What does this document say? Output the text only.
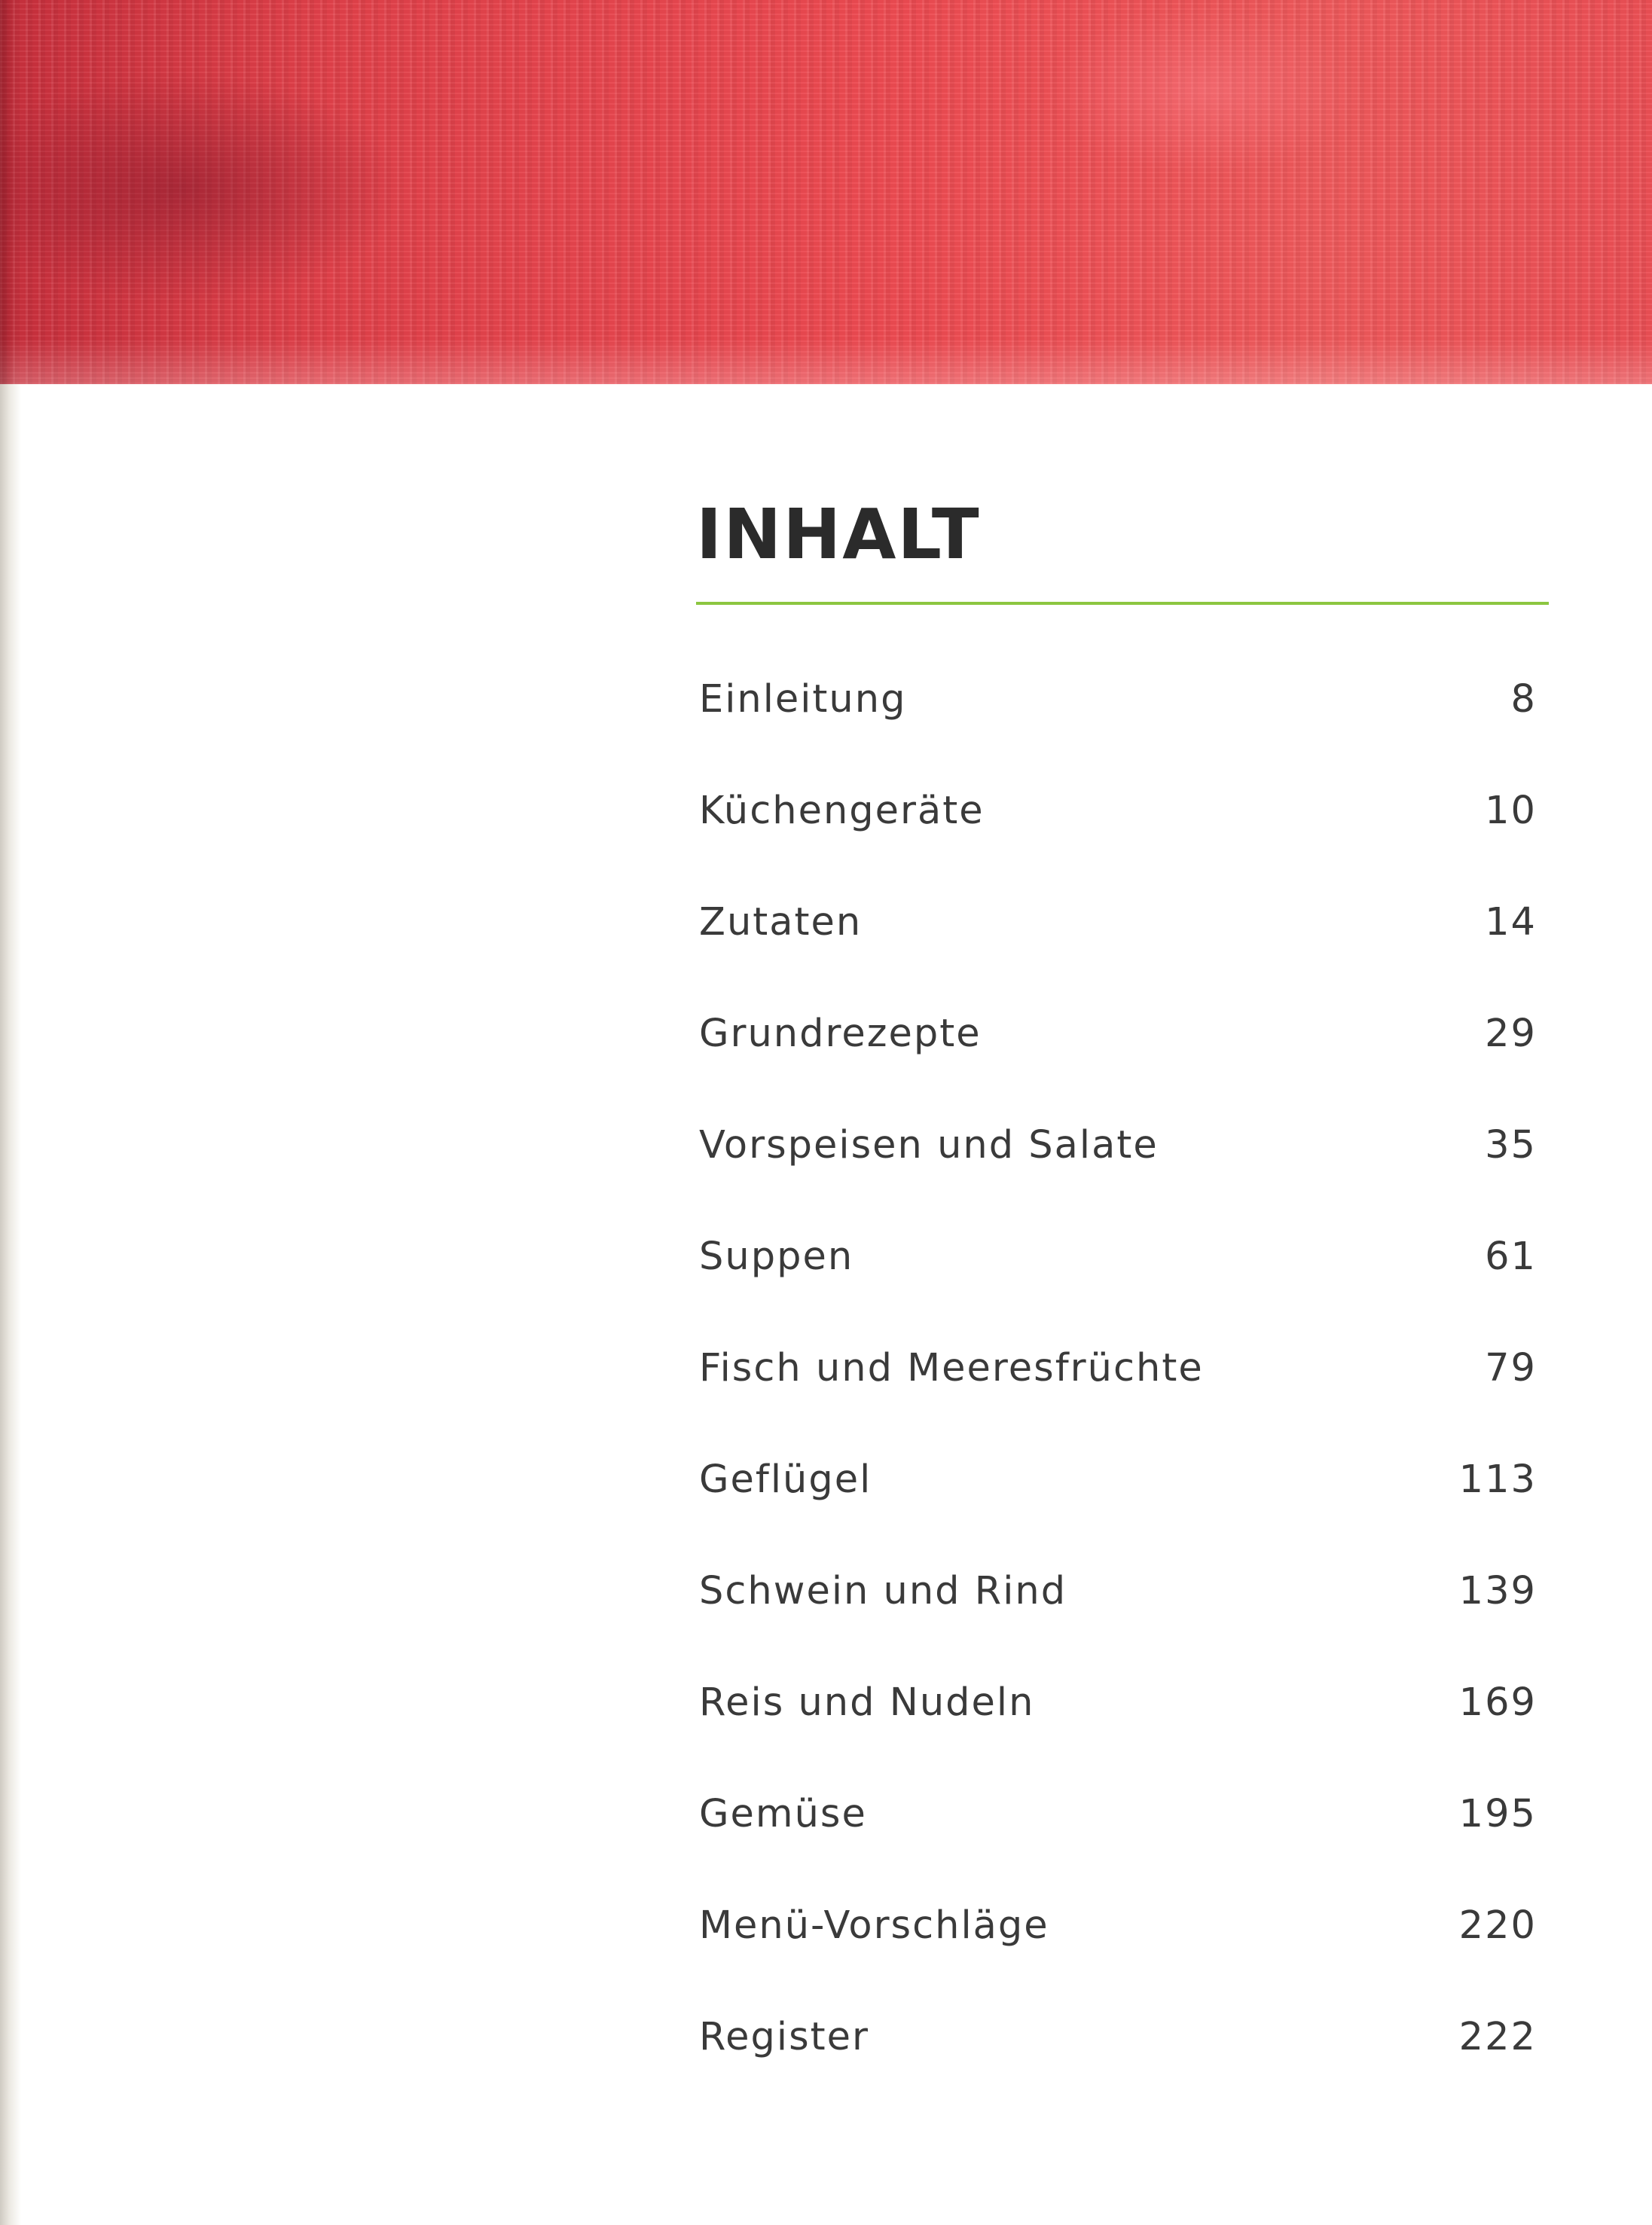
INHALT
Einleitung	8
Küchengeräte	10
Zutaten	14
Grundrezepte	29
Vorspeisen und Salate	35
Suppen	61
Fisch und Meeresfrüchte	79
Geflügel	113
Schwein und Rind	139
Reis und Nudeln	169
Gemüse	195
Menü-Vorschläge	220
Register	222
